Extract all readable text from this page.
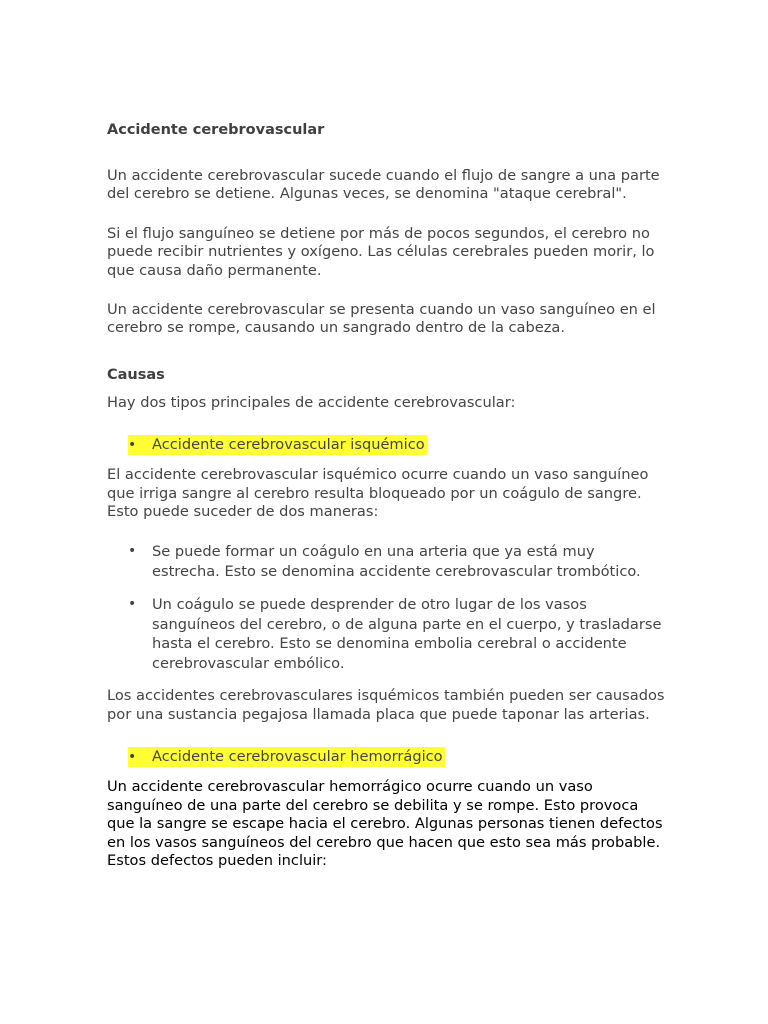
Accidente cerebrovascular

Un accidente cerebrovascular sucede cuando el flujo de sangre a una parte del cerebro se detiene. Algunas veces, se denomina "ataque cerebral".

Si el flujo sanguíneo se detiene por más de pocos segundos, el cerebro no puede recibir nutrientes y oxígeno. Las células cerebrales pueden morir, lo que causa daño permanente.

Un accidente cerebrovascular se presenta cuando un vaso sanguíneo en el cerebro se rompe, causando un sangrado dentro de la cabeza.

Causas

Hay dos tipos principales de accidente cerebrovascular:

•	Accidente cerebrovascular isquémico

El accidente cerebrovascular isquémico ocurre cuando un vaso sanguíneo que irriga sangre al cerebro resulta bloqueado por un coágulo de sangre. Esto puede suceder de dos maneras:

• Se puede formar un coágulo en una arteria que ya está muy estrecha. Esto se denomina accidente cerebrovascular trombótico.
• Un coágulo se puede desprender de otro lugar de los vasos sanguíneos del cerebro, o de alguna parte en el cuerpo, y trasladarse hasta el cerebro. Esto se denomina embolia cerebral o accidente cerebrovascular embólico.

Los accidentes cerebrovasculares isquémicos también pueden ser causados por una sustancia pegajosa llamada placa que puede taponar las arterias.

•	Accidente cerebrovascular hemorrágico

Un accidente cerebrovascular hemorrágico ocurre cuando un vaso sanguíneo de una parte del cerebro se debilita y se rompe. Esto provoca que la sangre se escape hacia el cerebro. Algunas personas tienen defectos en los vasos sanguíneos del cerebro que hacen que esto sea más probable. Estos defectos pueden incluir:
